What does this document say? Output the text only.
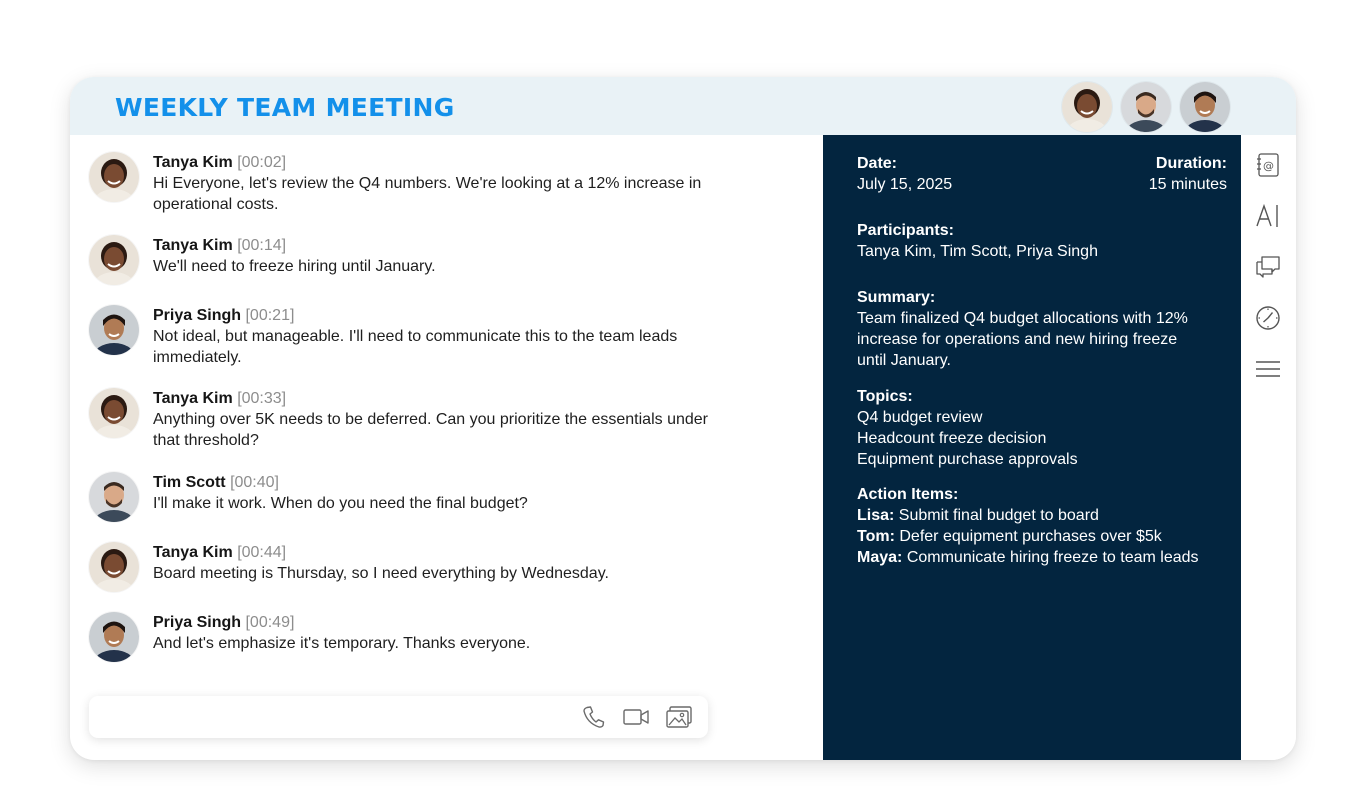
WEEKLY TEAM MEETING
Tanya Kim [00:02]
Hi Everyone, let's review the Q4 numbers. We're looking at a 12% increase in operational costs.
Tanya Kim [00:14]
We'll need to freeze hiring until January.
Priya Singh [00:21]
Not ideal, but manageable. I'll need to communicate this to the team leads immediately.
Tanya Kim [00:33]
Anything over 5K needs to be deferred. Can you prioritize the essentials under that threshold?
Tim Scott [00:40]
I'll make it work. When do you need the final budget?
Tanya Kim [00:44]
Board meeting is Thursday, so I need everything by Wednesday.
Priya Singh [00:49]
And let's emphasize it's temporary. Thanks everyone.
Date:
July 15, 2025
Duration:
15 minutes
Participants:
Tanya Kim, Tim Scott, Priya Singh
Summary:
Team finalized Q4 budget allocations with 12% increase for operations and new hiring freeze until January.
Topics:
Q4 budget review
Headcount freeze decision
Equipment purchase approvals
Action Items:
Lisa: Submit final budget to board
Tom: Defer equipment purchases over $5k
Maya: Communicate hiring freeze to team leads
@
